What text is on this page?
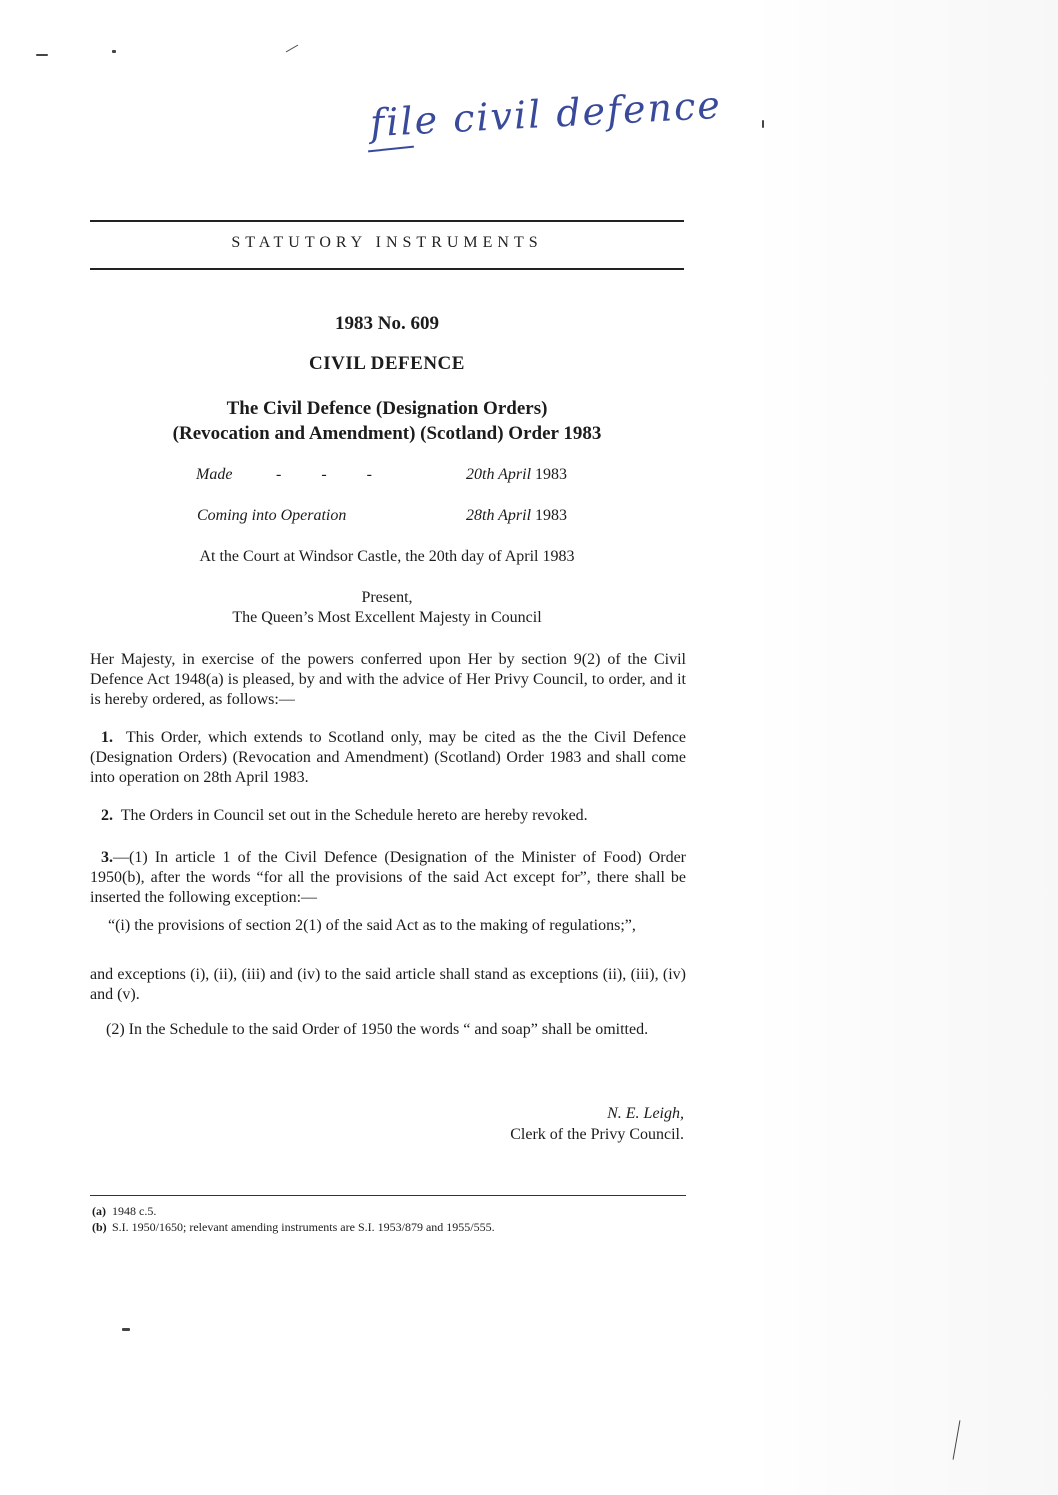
file civil defence
STATUTORY INSTRUMENTS
1983 No. 609
CIVIL DEFENCE
The Civil Defence (Designation Orders)
(Revocation and Amendment) (Scotland) Order 1983
Made	- - -	20th April 1983
Coming into Operation	28th April 1983
At the Court at Windsor Castle, the 20th day of April 1983
Present,
The Queen’s Most Excellent Majesty in Council
Her Majesty, in exercise of the powers conferred upon Her by section 9(2) of the Civil Defence Act 1948(a) is pleased, by and with the advice of Her Privy Council, to order, and it is hereby ordered, as follows:—
1. This Order, which extends to Scotland only, may be cited as the the Civil Defence (Designation Orders) (Revocation and Amendment) (Scotland) Order 1983 and shall come into operation on 28th April 1983.
2. The Orders in Council set out in the Schedule hereto are hereby revoked.
3.—(1) In article 1 of the Civil Defence (Designation of the Minister of Food) Order 1950(b), after the words “for all the provisions of the said Act except for”, there shall be inserted the following exception:—
“(i) the provisions of section 2(1) of the said Act as to the making of regulations;”,
and exceptions (i), (ii), (iii) and (iv) to the said article shall stand as exceptions (ii), (iii), (iv) and (v).
(2) In the Schedule to the said Order of 1950 the words “ and soap” shall be omitted.
N. E. Leigh,
Clerk of the Privy Council.
(a) 1948 c.5.
(b) S.I. 1950/1650; relevant amending instruments are S.I. 1953/879 and 1955/555.
